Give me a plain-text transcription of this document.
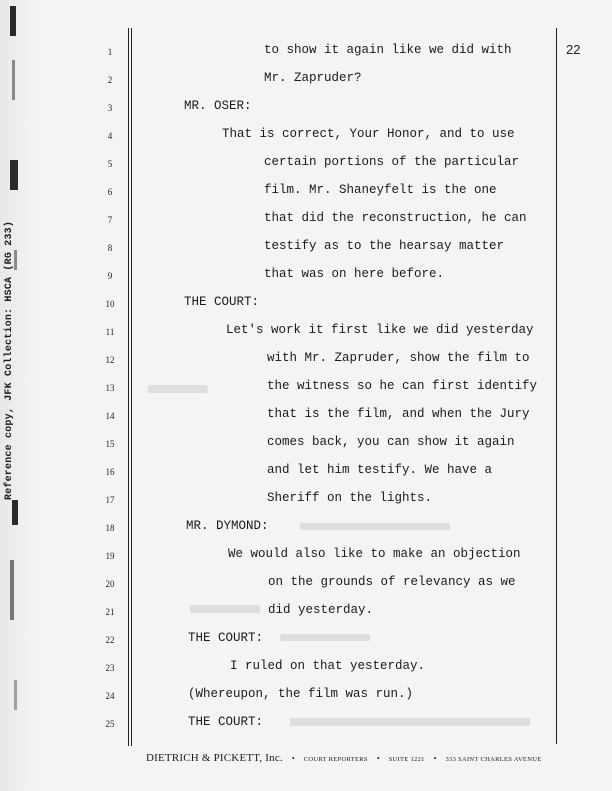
Reference copy, JFK Collection: HSCA (RG 233)
22
1
2
3
4
5
6
7
8
9
10
11
12
13
14
15
16
17
18
19
20
21
22
23
24
25
to show it again like we did with
Mr. Zapruder?
MR. OSER:
That is correct, Your Honor, and to use
certain portions of the particular
film. Mr. Shaneyfelt is the one
that did the reconstruction, he can
testify as to the hearsay matter
that was on here before.
THE COURT:
Let's work it first like we did yesterday
with Mr. Zapruder, show the film to
the witness so he can first identify
that is the film, and when the Jury
comes back, you can show it again
and let him testify. We have a
Sheriff on the lights.
MR. DYMOND:
We would also like to make an objection
on the grounds of relevancy as we
did yesterday.
THE COURT:
I ruled on that yesterday.
(Whereupon, the film was run.)
THE COURT:
DIETRICH & PICKETT, Inc. • COURT REPORTERS • SUITE 1221 • 333 SAINT CHARLES AVENUE
